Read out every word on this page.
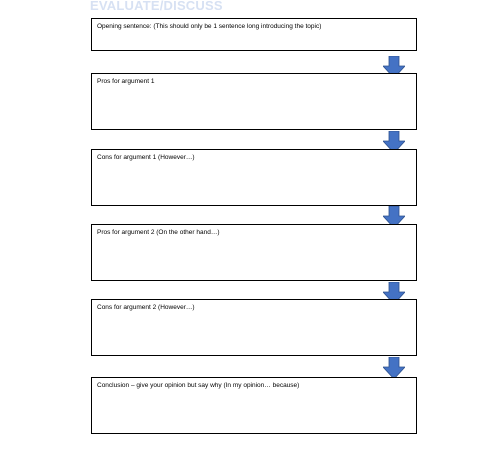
EVALUATE/DISCUSS
Opening sentence: (This should only be 1 sentence long introducing the topic)
Pros for argument 1
Cons for argument 1 (However…)
Pros for argument 2 (On the other hand…)
Cons for argument 2 (However…)
Conclusion – give your opinion but say why (In my opinion… because)
